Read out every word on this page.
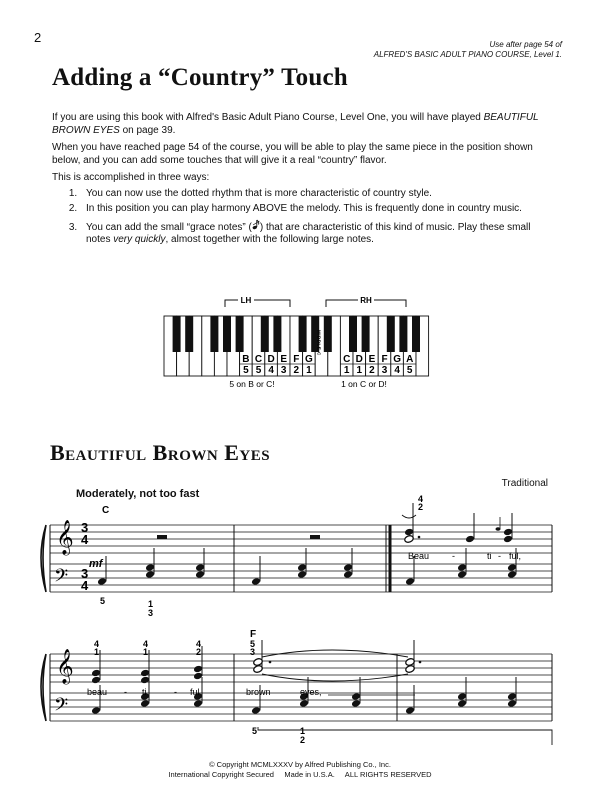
2	Use after page 54 of
ALFRED'S BASIC ADULT PIANO COURSE, Level 1.
Adding a “Country” Touch

If you are using this book with Alfred's Basic Adult Piano Course, Level One, you will have played BEAUTIFUL BROWN EYES on page 39.

When you have reached page 54 of the course, you will be able to play the same piece in the position shown below, and you can add some touches that will give it a real “country” flavor.

This is accomplished in three ways:

1. You can now use the dotted rhythm that is more characteristic of country style.
2. In this position you can play harmony ABOVE the melody. This is frequently done in country music.
3. You can add the small “grace notes” ( ) that are characteristic of this kind of music. Play these small notes very quickly, almost together with the following large notes.
LH	RH
MIDDLE C
B
5
C
5
D
4
E
3
F
2
G
1
C
1
D
1
E
2
F
3
G
4
A
5
5 on B or C!	1 on C or D!
Beautiful Brown Eyes
Traditional
Moderately, not too fast
𝄞
𝄢
3
4
3
4
C
mf
4
2
5	1
3
Beau	-	ti - ful,
𝄞
𝄢
F
4
1
4
1
4
2
5
3
5	1
2
beau - ti	- ful	brown	eyes,
© Copyright MCMLXXXV by Alfred Publishing Co., Inc.
International Copyright Secured     Made in U.S.A.     ALL RIGHTS RESERVED
